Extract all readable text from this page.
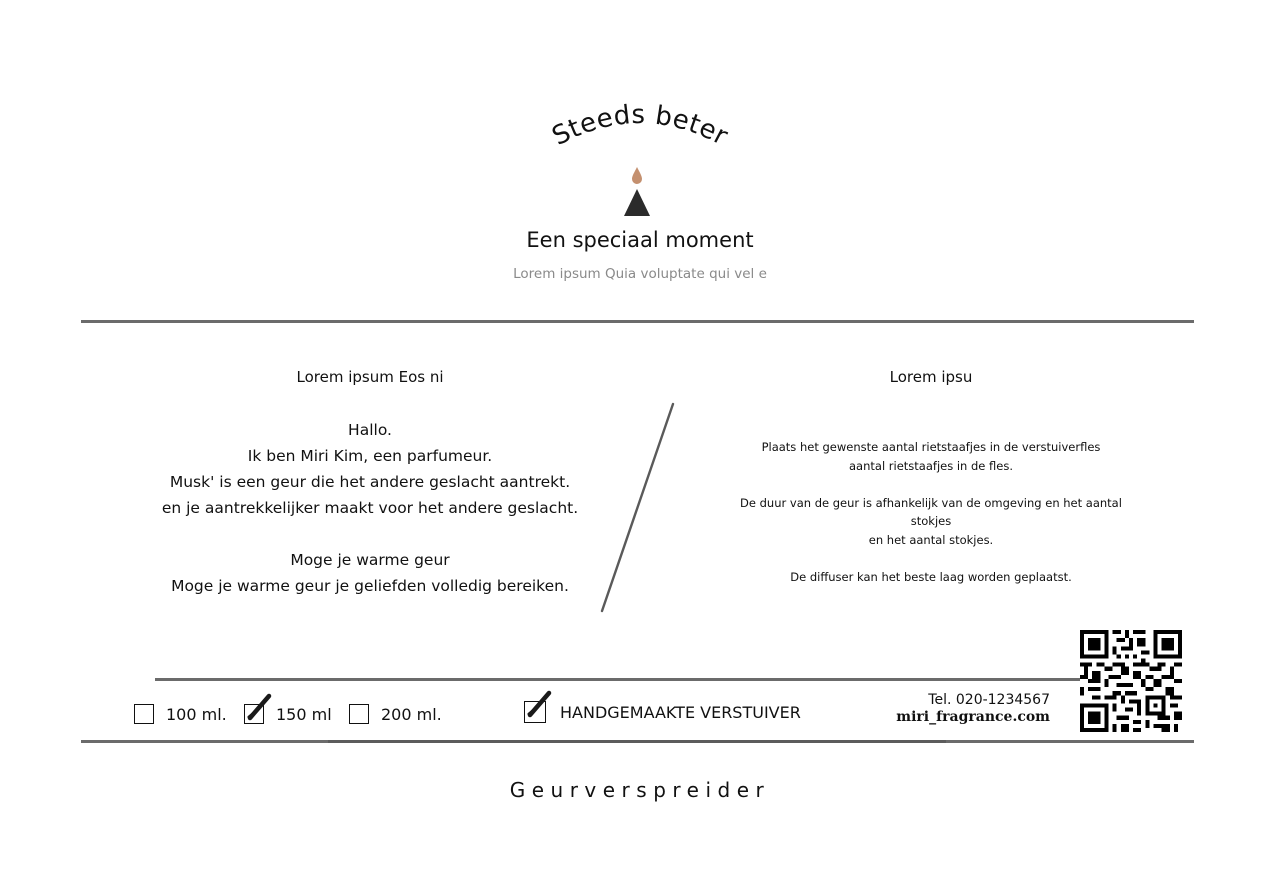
Steeds beter
Een speciaal moment
Lorem ipsum Quia voluptate qui vel e
Lorem ipsum Eos ni
Hallo.
Ik ben Miri Kim, een parfumeur.
Musk' is een geur die het andere geslacht aantrekt.
en je aantrekkelijker maakt voor het andere geslacht.
Moge je warme geur
Moge je warme geur je geliefden volledig bereiken.
Lorem ipsu
Plaats het gewenste aantal rietstaafjes in de verstuiverfles
aantal rietstaafjes in de fles.
De duur van de geur is afhankelijk van de omgeving en het aantal stokjes
en het aantal stokjes.
De diffuser kan het beste laag worden geplaatst.
100 ml.	150 ml	200 ml.	HANDGEMAAKTE VERSTUIVER
Tel. 020-1234567
miri_fragrance.com
Geurverspreider
